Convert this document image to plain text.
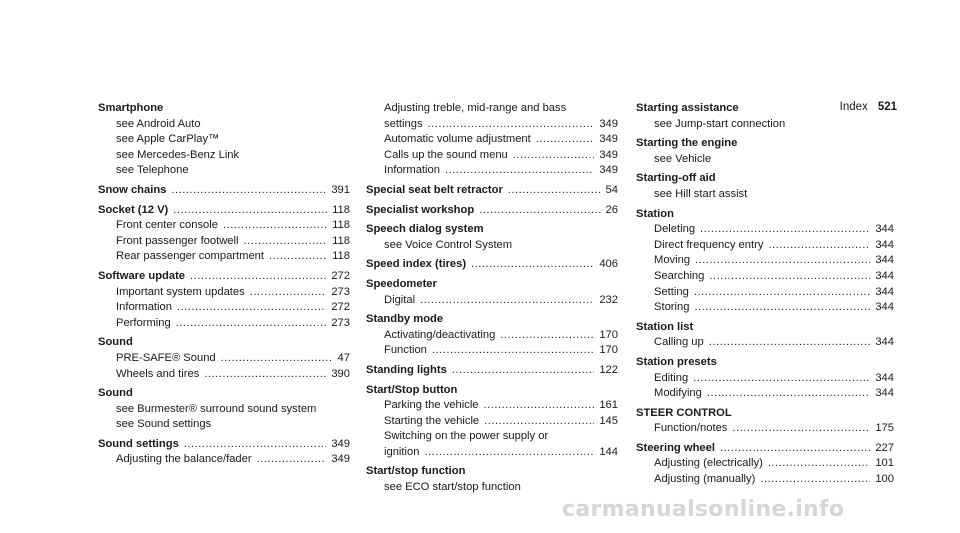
Index 521
Smartphone
see Android Auto
see Apple CarPlay™
see Mercedes-Benz Link
see Telephone
Snow chains .....	391
Socket (12 V) .....	118
Front center console .....	118
Front passenger footwell .....	118
Rear passenger compartment .....	118
Software update .....	272
Important system updates .....	273
Information .....	272
Performing .....	273
Sound
PRE-SAFE® Sound .....	47
Wheels and tires .....	390
Sound
see Burmester® surround sound system
see Sound settings
Sound settings .....	349
Adjusting the balance/fader .....	349
Adjusting treble, mid-range and bass
settings .....	349
Automatic volume adjustment .....	349
Calls up the sound menu .....	349
Information .....	349
Special seat belt retractor .....	54
Specialist workshop .....	26
Speech dialog system
see Voice Control System
Speed index (tires) .....	406
Speedometer
Digital .....	232
Standby mode
Activating/deactivating .....	170
Function .....	170
Standing lights .....	122
Start/Stop button
Parking the vehicle .....	161
Starting the vehicle .....	145
Switching on the power supply or
ignition .....	144
Start/stop function
see ECO start/stop function
Starting assistance
see Jump-start connection
Starting the engine
see Vehicle
Starting-off aid
see Hill start assist
Station
Deleting .....	344
Direct frequency entry .....	344
Moving .....	344
Searching .....	344
Setting .....	344
Storing .....	344
Station list
Calling up .....	344
Station presets
Editing .....	344
Modifying .....	344
STEER CONTROL
Function/notes .....	175
Steering wheel .....	227
Adjusting (electrically) .....	101
Adjusting (manually) .....	100
carmanualsonline.info
